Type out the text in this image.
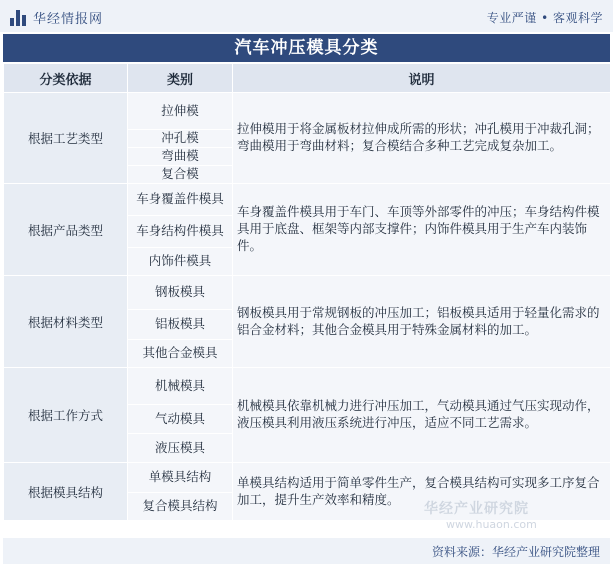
华经情报网	专业严谨 • 客观科学
汽车冲压模具分类
分类依据	类别	说明
根据工艺类型	拉伸模	拉伸模用于将金属板材拉伸成所需的形状；冲孔模用于冲裁孔洞；弯曲模用于弯曲材料；复合模结合多种工艺完成复杂加工。
	冲孔模	
	弯曲模	
	复合模	
根据产品类型	车身覆盖件模具	车身覆盖件模具用于车门、车顶等外部零件的冲压；车身结构件模具用于底盘、框架等内部支撑件；内饰件模具用于生产车内装饰件。
	车身结构件模具	
	内饰件模具	
根据材料类型	钢板模具	钢板模具用于常规钢板的冲压加工；铝板模具适用于轻量化需求的铝合金材料；其他合金模具用于特殊金属材料的加工。
	铝板模具	
	其他合金模具	
根据工作方式	机械模具	机械模具依靠机械力进行冲压加工，气动模具通过气压实现动作，液压模具利用液压系统进行冲压，适应不同工艺需求。
	气动模具	
	液压模具	
根据模具结构	单模具结构	单模具结构适用于简单零件生产，复合模具结构可实现多工序复合加工，提升生产效率和精度。
	复合模具结构		华经产业研究院
www.huaon.com
资料来源：华经产业研究院整理
